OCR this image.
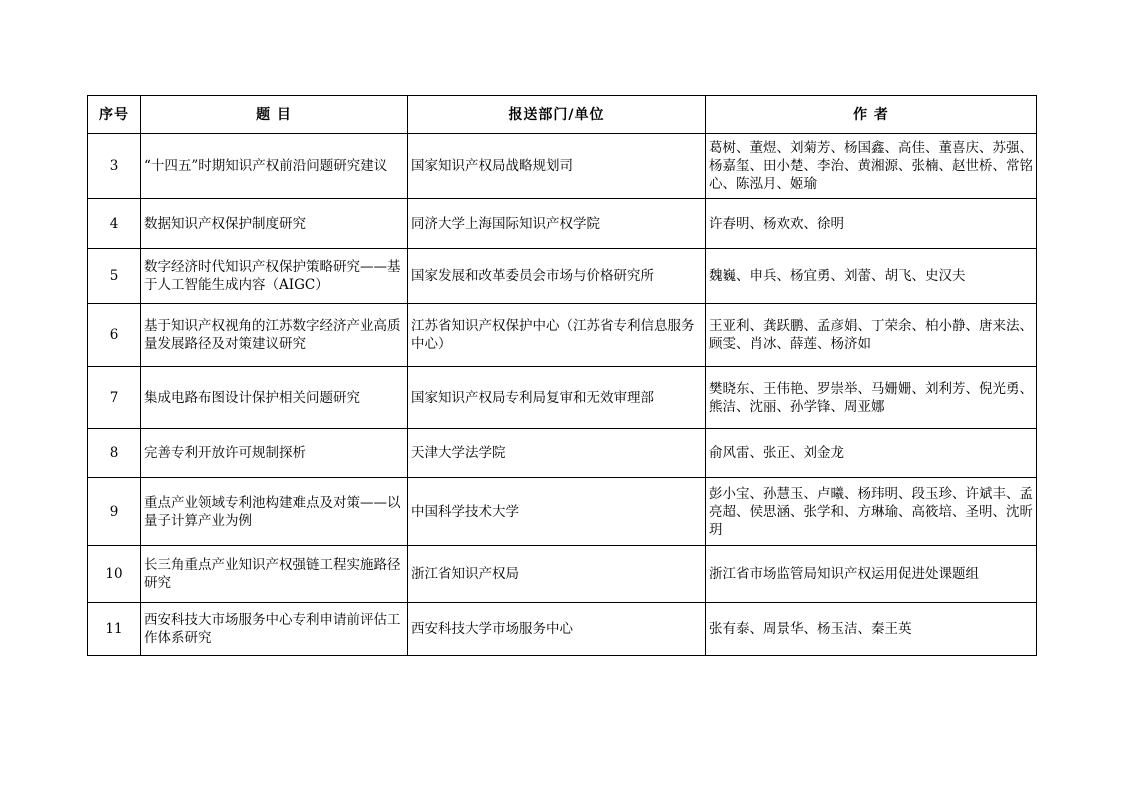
序号	题 目	报送部门/单位	作 者
3	“十四五”时期知识产权前沿问题研究建议	国家知识产权局战略规划司	葛树、董煜、刘菊芳、杨国鑫、高佳、董喜庆、苏强、杨嘉玺、田小楚、李治、黄湘源、张楠、赵世桥、常铭心、陈泓月、姬瑜
4	数据知识产权保护制度研究	同济大学上海国际知识产权学院	许春明、杨欢欢、徐明
5	数字经济时代知识产权保护策略研究——基于人工智能生成内容（AIGC）	国家发展和改革委员会市场与价格研究所	魏巍、申兵、杨宜勇、刘蕾、胡飞、史汉夫
6	基于知识产权视角的江苏数字经济产业高质量发展路径及对策建议研究	江苏省知识产权保护中心（江苏省专利信息服务中心）	王亚利、龚跃鹏、孟彦娟、丁荣余、柏小静、唐来法、顾雯、肖冰、薛莲、杨济如
7	集成电路布图设计保护相关问题研究	国家知识产权局专利局复审和无效审理部	樊晓东、王伟艳、罗崇举、马姗姗、刘利芳、倪光勇、熊洁、沈丽、孙学锋、周亚娜
8	完善专利开放许可规制探析	天津大学法学院	俞风雷、张正、刘金龙
9	重点产业领域专利池构建难点及对策——以量子计算产业为例	中国科学技术大学	彭小宝、孙慧玉、卢曦、杨玮明、段玉珍、许斌丰、孟亮超、侯思涵、张学和、方琳瑜、高筱培、圣明、沈昕玥
10	长三角重点产业知识产权强链工程实施路径研究	浙江省知识产权局	浙江省市场监管局知识产权运用促进处课题组
11	西安科技大市场服务中心专利申请前评估工作体系研究	西安科技大学市场服务中心	张有泰、周景华、杨玉洁、秦王英
